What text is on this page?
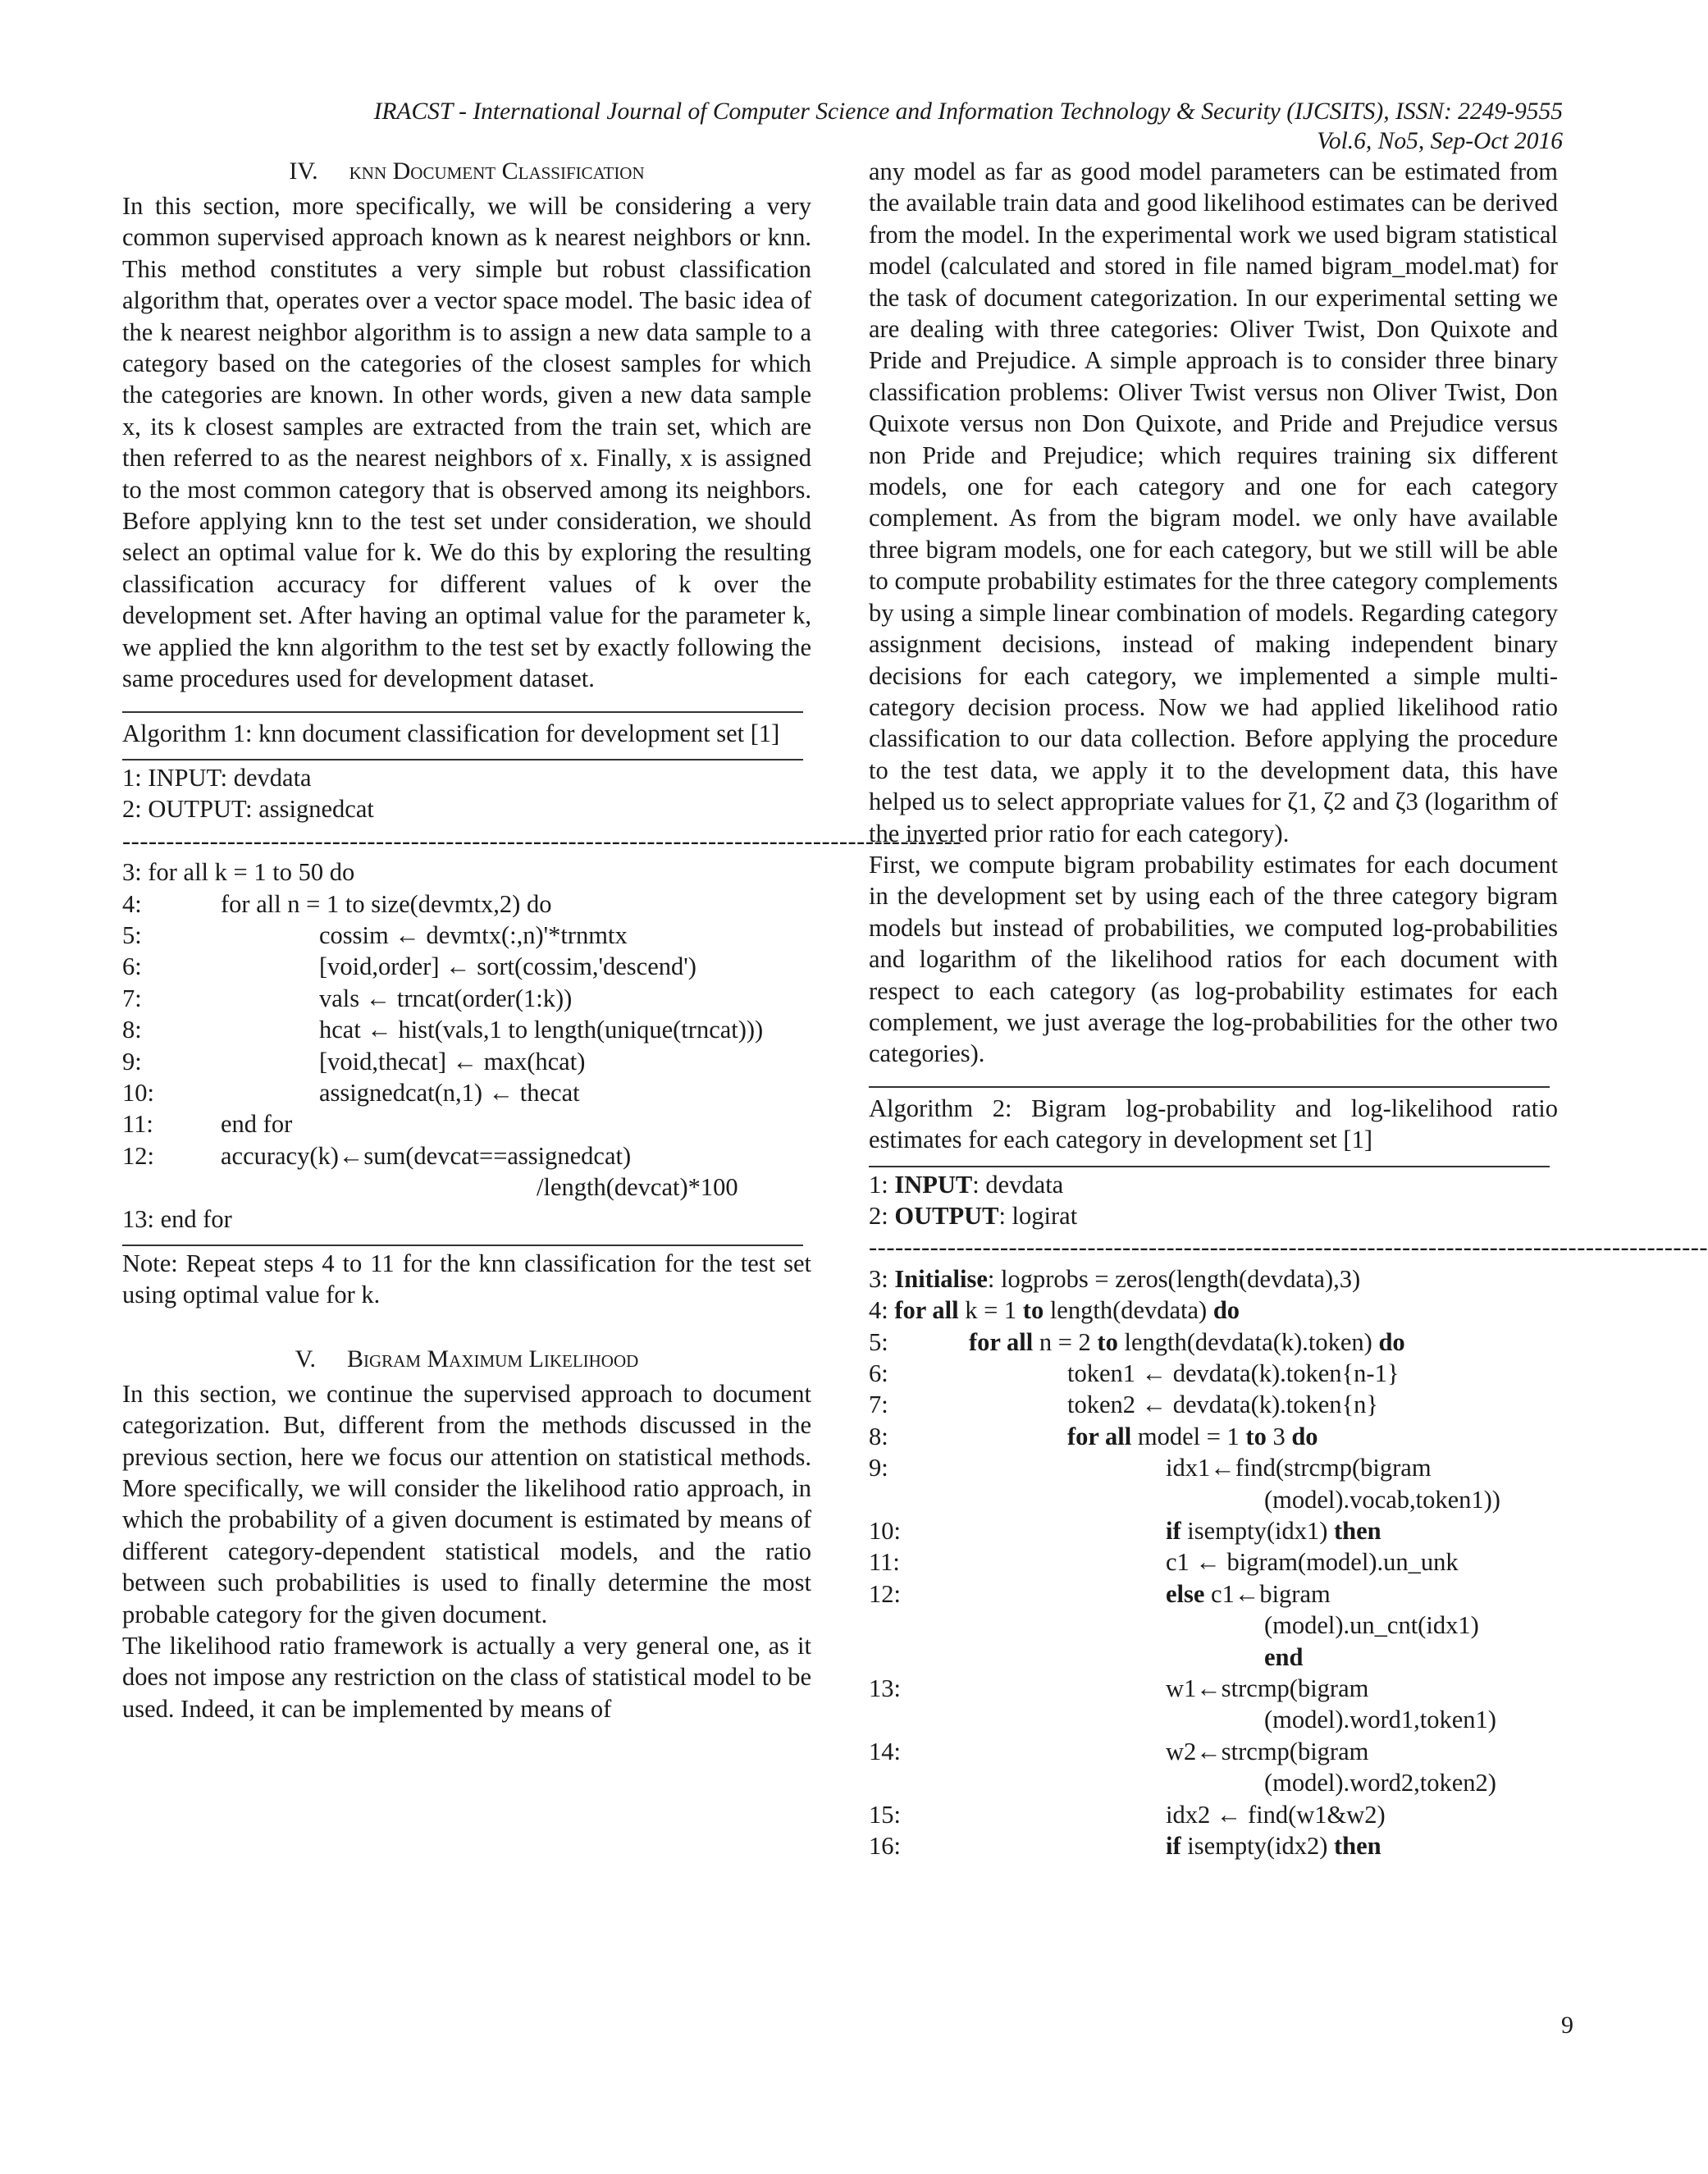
IRACST - International Journal of Computer Science and Information Technology & Security (IJCSITS), ISSN: 2249-9555
Vol.6, No5, Sep-Oct 2016
IV. knn Document Classification

In this section, more specifically, we will be considering a very common supervised approach known as k nearest neighbors or knn. This method constitutes a very simple but robust classification algorithm that, operates over a vector space model. The basic idea of the k nearest neighbor algorithm is to assign a new data sample to a category based on the categories of the closest samples for which the categories are known. In other words, given a new data sample x, its k closest samples are extracted from the train set, which are then referred to as the nearest neighbors of x. Finally, x is assigned to the most common category that is observed among its neighbors. Before applying knn to the test set under consideration, we should select an optimal value for k. We do this by exploring the resulting classification accuracy for different values of k over the development set. After having an optimal value for the parameter k, we applied the knn algorithm to the test set by exactly following the same procedures used for development dataset.

Algorithm 1: knn document classification for development set [1]

1: INPUT: devdata
2: OUTPUT: assignedcat
------------------------------------------------------------------------------------------------
3: for all k = 1 to 50 do
4:	for all n = 1 to size(devmtx,2) do
5:	cossim ← devmtx(:,n)'*trnmtx
6:	[void,order] ← sort(cossim,'descend')
7:	vals ← trncat(order(1:k))
8:	hcat ← hist(vals,1 to length(unique(trncat)))
9:	[void,thecat] ← max(hcat)
10:	assignedcat(n,1) ← thecat
11:	end for
12:	accuracy(k)←sum(devcat==assignedcat)
/length(devcat)*100
13: end for

Note: Repeat steps 4 to 11 for the knn classification for the test set using optimal value for k.

V. Bigram Maximum Likelihood

In this section, we continue the supervised approach to document categorization. But, different from the methods discussed in the previous section, here we focus our attention on statistical methods. More specifically, we will consider the likelihood ratio approach, in which the probability of a given document is estimated by means of different category-dependent statistical models, and the ratio between such probabilities is used to finally determine the most probable category for the given document.

The likelihood ratio framework is actually a very general one, as it does not impose any restriction on the class of statistical model to be used. Indeed, it can be implemented by means of

any model as far as good model parameters can be estimated from the available train data and good likelihood estimates can be derived from the model. In the experimental work we used bigram statistical model (calculated and stored in file named bigram_model.mat) for the task of document categorization. In our experimental setting we are dealing with three categories: Oliver Twist, Don Quixote and Pride and Prejudice. A simple approach is to consider three binary classification problems: Oliver Twist versus non Oliver Twist, Don Quixote versus non Don Quixote, and Pride and Prejudice versus non Pride and Prejudice; which requires training six different models, one for each category and one for each category complement. As from the bigram model. we only have available three bigram models, one for each category, but we still will be able to compute probability estimates for the three category complements by using a simple linear combination of models. Regarding category assignment decisions, instead of making independent binary decisions for each category, we implemented a simple multi-category decision process. Now we had applied likelihood ratio classification to our data collection. Before applying the procedure to the test data, we apply it to the development data, this have helped us to select appropriate values for ζ1, ζ2 and ζ3 (logarithm of the inverted prior ratio for each category).

First, we compute bigram probability estimates for each document in the development set by using each of the three category bigram models but instead of probabilities, we computed log-probabilities and logarithm of the likelihood ratios for each document with respect to each category (as log-probability estimates for each complement, we just average the log-probabilities for the other two categories).

Algorithm 2: Bigram log-probability and log-likelihood ratio estimates for each category in development set [1]

1: INPUT: devdata
2: OUTPUT: logirat
------------------------------------------------------------------------------------------------
3: Initialise: logprobs = zeros(length(devdata),3)
4: for all k = 1 to length(devdata) do
5:	for all n = 2 to length(devdata(k).token) do
6:	token1 ← devdata(k).token{n-1}
7:	token2 ← devdata(k).token{n}
8:	for all model = 1 to 3 do
9:	idx1←find(strcmp(bigram
(model).vocab,token1))
10:	if isempty(idx1) then
11:	c1 ← bigram(model).un_unk
12:	else c1←bigram
(model).un_cnt(idx1)
end
13:	w1←strcmp(bigram
(model).word1,token1)
14:	w2←strcmp(bigram
(model).word2,token2)
15:	idx2 ← find(w1&w2)
16:	if isempty(idx2) then
9
